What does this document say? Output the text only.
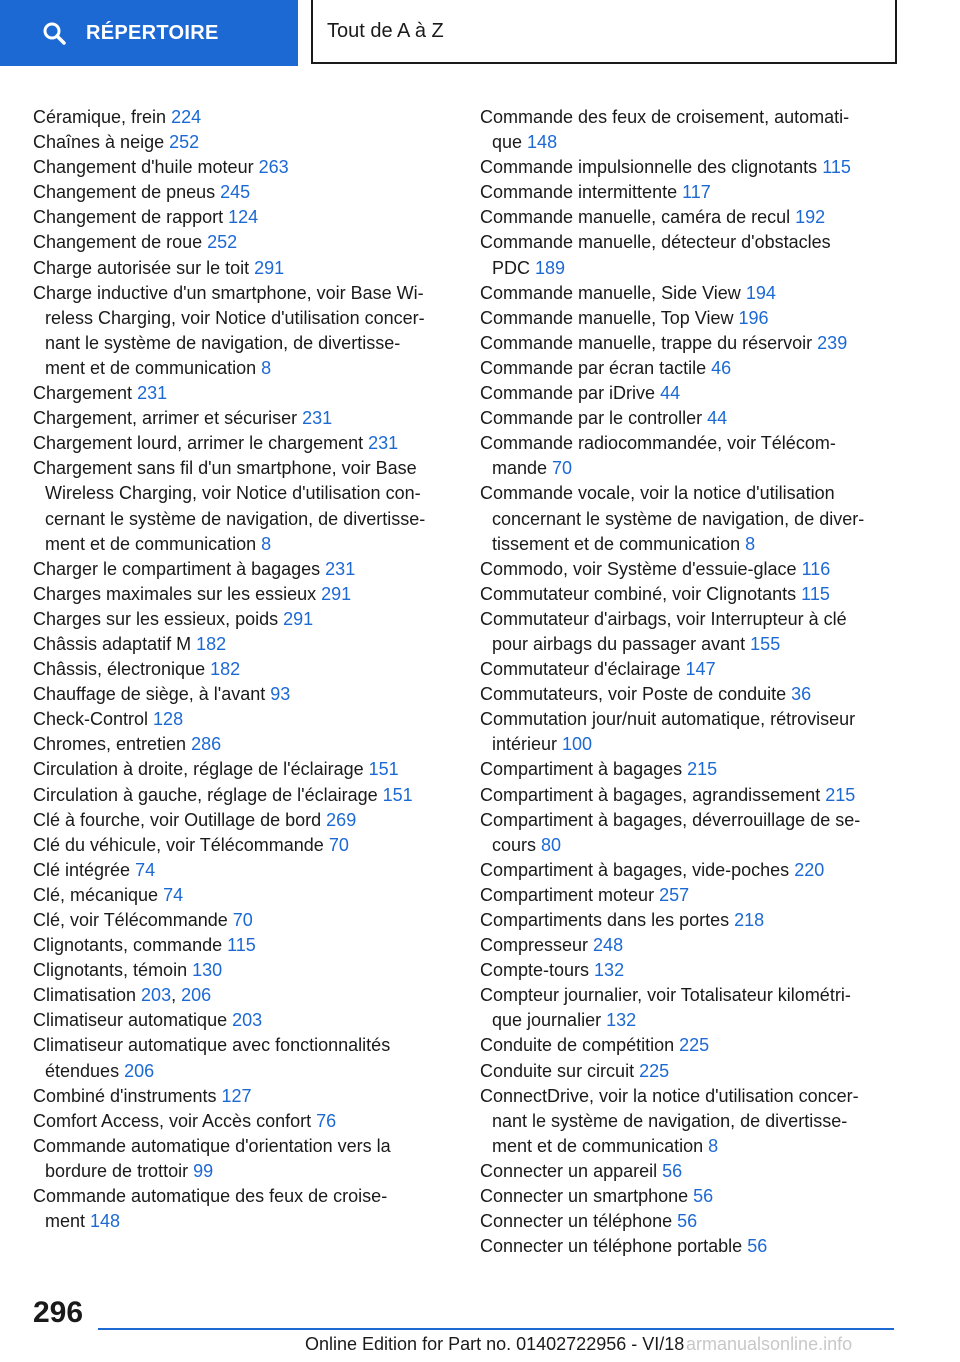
RÉPERTOIRE	Tout de A à Z
Céramique, frein 224
Chaînes à neige 252
Changement d'huile moteur 263
Changement de pneus 245
Changement de rapport 124
Changement de roue 252
Charge autorisée sur le toit 291
Charge inductive d'un smartphone, voir Base Wi-
reless Charging, voir Notice d'utilisation concer-
nant le système de navigation, de divertisse-
ment et de communication 8
Chargement 231
Chargement, arrimer et sécuriser 231
Chargement lourd, arrimer le chargement 231
Chargement sans fil d'un smartphone, voir Base
Wireless Charging, voir Notice d'utilisation con-
cernant le système de navigation, de divertisse-
ment et de communication 8
Charger le compartiment à bagages 231
Charges maximales sur les essieux 291
Charges sur les essieux, poids 291
Châssis adaptatif M 182
Châssis, électronique 182
Chauffage de siège, à l'avant 93
Check-Control 128
Chromes, entretien 286
Circulation à droite, réglage de l'éclairage 151
Circulation à gauche, réglage de l'éclairage 151
Clé à fourche, voir Outillage de bord 269
Clé du véhicule, voir Télécommande 70
Clé intégrée 74
Clé, mécanique 74
Clé, voir Télécommande 70
Clignotants, commande 115
Clignotants, témoin 130
Climatisation 203, 206
Climatiseur automatique 203
Climatiseur automatique avec fonctionnalités
étendues 206
Combiné d'instruments 127
Comfort Access, voir Accès confort 76
Commande automatique d'orientation vers la
bordure de trottoir 99
Commande automatique des feux de croise-
ment 148
Commande des feux de croisement, automati-
que 148
Commande impulsionnelle des clignotants 115
Commande intermittente 117
Commande manuelle, caméra de recul 192
Commande manuelle, détecteur d'obstacles
PDC 189
Commande manuelle, Side View 194
Commande manuelle, Top View 196
Commande manuelle, trappe du réservoir 239
Commande par écran tactile 46
Commande par iDrive 44
Commande par le controller 44
Commande radiocommandée, voir Télécom-
mande 70
Commande vocale, voir la notice d'utilisation
concernant le système de navigation, de diver-
tissement et de communication 8
Commodo, voir Système d'essuie-glace 116
Commutateur combiné, voir Clignotants 115
Commutateur d'airbags, voir Interrupteur à clé
pour airbags du passager avant 155
Commutateur d'éclairage 147
Commutateurs, voir Poste de conduite 36
Commutation jour/nuit automatique, rétroviseur
intérieur 100
Compartiment à bagages 215
Compartiment à bagages, agrandissement 215
Compartiment à bagages, déverrouillage de se-
cours 80
Compartiment à bagages, vide-poches 220
Compartiment moteur 257
Compartiments dans les portes 218
Compresseur 248
Compte-tours 132
Compteur journalier, voir Totalisateur kilométri-
que journalier 132
Conduite de compétition 225
Conduite sur circuit 225
ConnectDrive, voir la notice d'utilisation concer-
nant le système de navigation, de divertisse-
ment et de communication 8
Connecter un appareil 56
Connecter un smartphone 56
Connecter un téléphone 56
Connecter un téléphone portable 56
296
Online Edition for Part no. 01402722956 - VI/18 armanualsonline.info
